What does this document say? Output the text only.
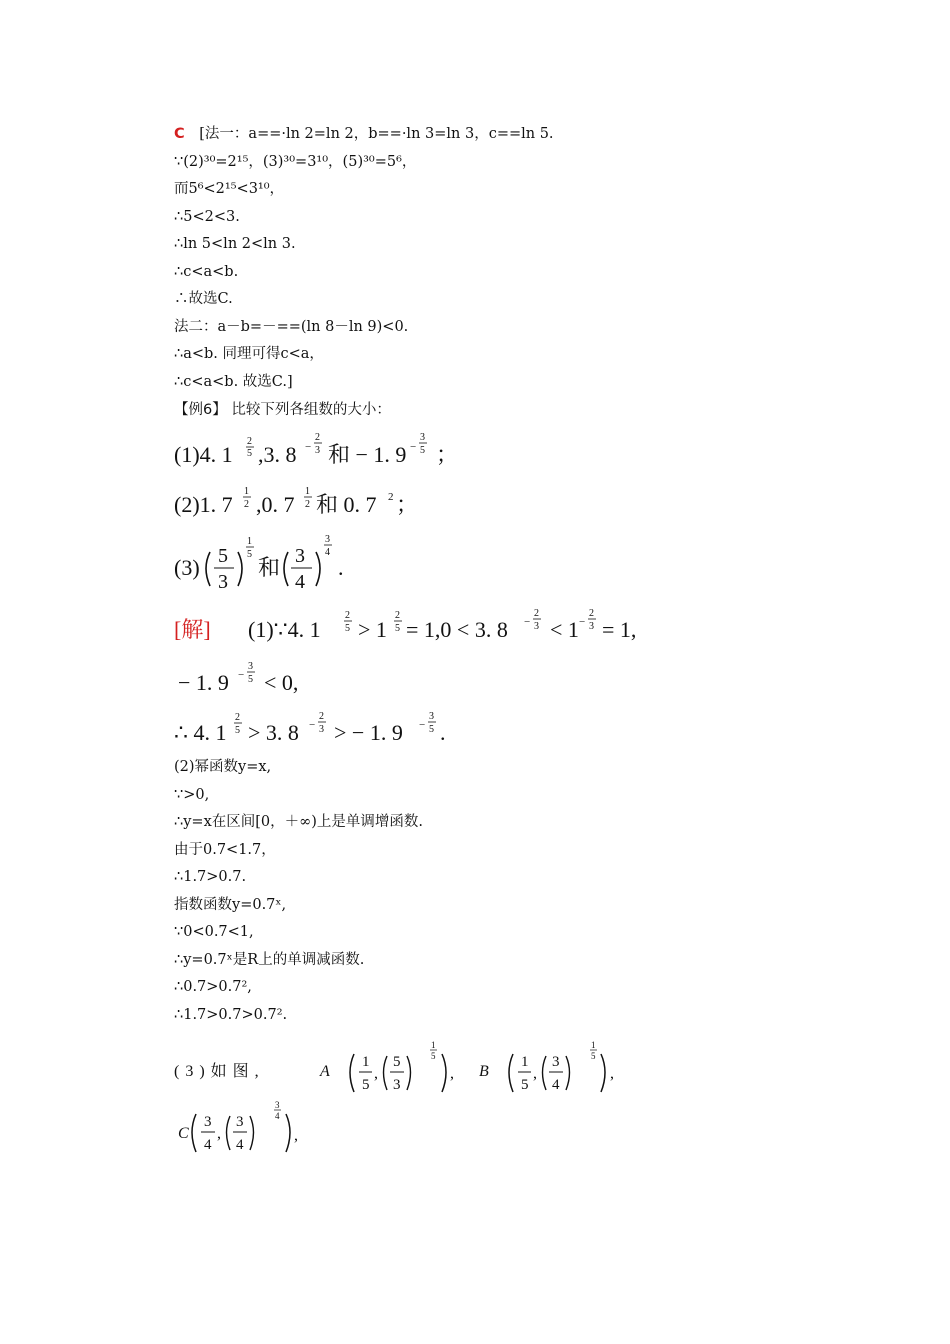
C [法一：a==·ln 2=ln 2，b==·ln 3=ln 3，c==ln 5.
∵(2)³⁰=2¹⁵，(3)³⁰=3¹⁰，(5)³⁰=5⁶，
而5⁶<2¹⁵<3¹⁰，
∴5<2<3.
∴ln 5<ln 2<ln 3.
∴c<a<b.
∴故选C.
法二：a－b=－==(ln 8－ln 9)<0.
∴a<b. 同理可得c<a，
∴c<a<b. 故选C.]
【例6】 比较下列各组数的大小：
(1)4. 1
2
5 ,3. 8 −
2
3 和 − 1. 9 −
3
5 ；
(2)1. 7
1
2 ,0. 7
1
2 和 0. 7 2 ；
(3) 5
3
1
5
和 3
4
3
4
.
[解] (1)∵4. 1
2
5 > 1
2
5 = 1,0 < 3. 8 −
2
3 < 1 −
2
3 = 1,
− 1. 9 −
3
5 < 0,
∴ 4. 1
2
5 > 3. 8 −
2
3 > − 1. 9 −
3
5 .
(2)幂函数y=x,
∵>0,
∴y=x在区间[0，＋∞)上是单调增函数.
由于0.7<1.7，
∴1.7>0.7.
指数函数y=0.7ˣ,
∵0<0.7<1,
∴y=0.7ˣ是R上的单调减函数.
∴0.7>0.7²,
∴1.7>0.7>0.7².
(3)如图,	A
1
5
,
5
3
1
5
, B
1
5
,
3
4
1
5
,
C
3
4
,
3
4
3
4
,
